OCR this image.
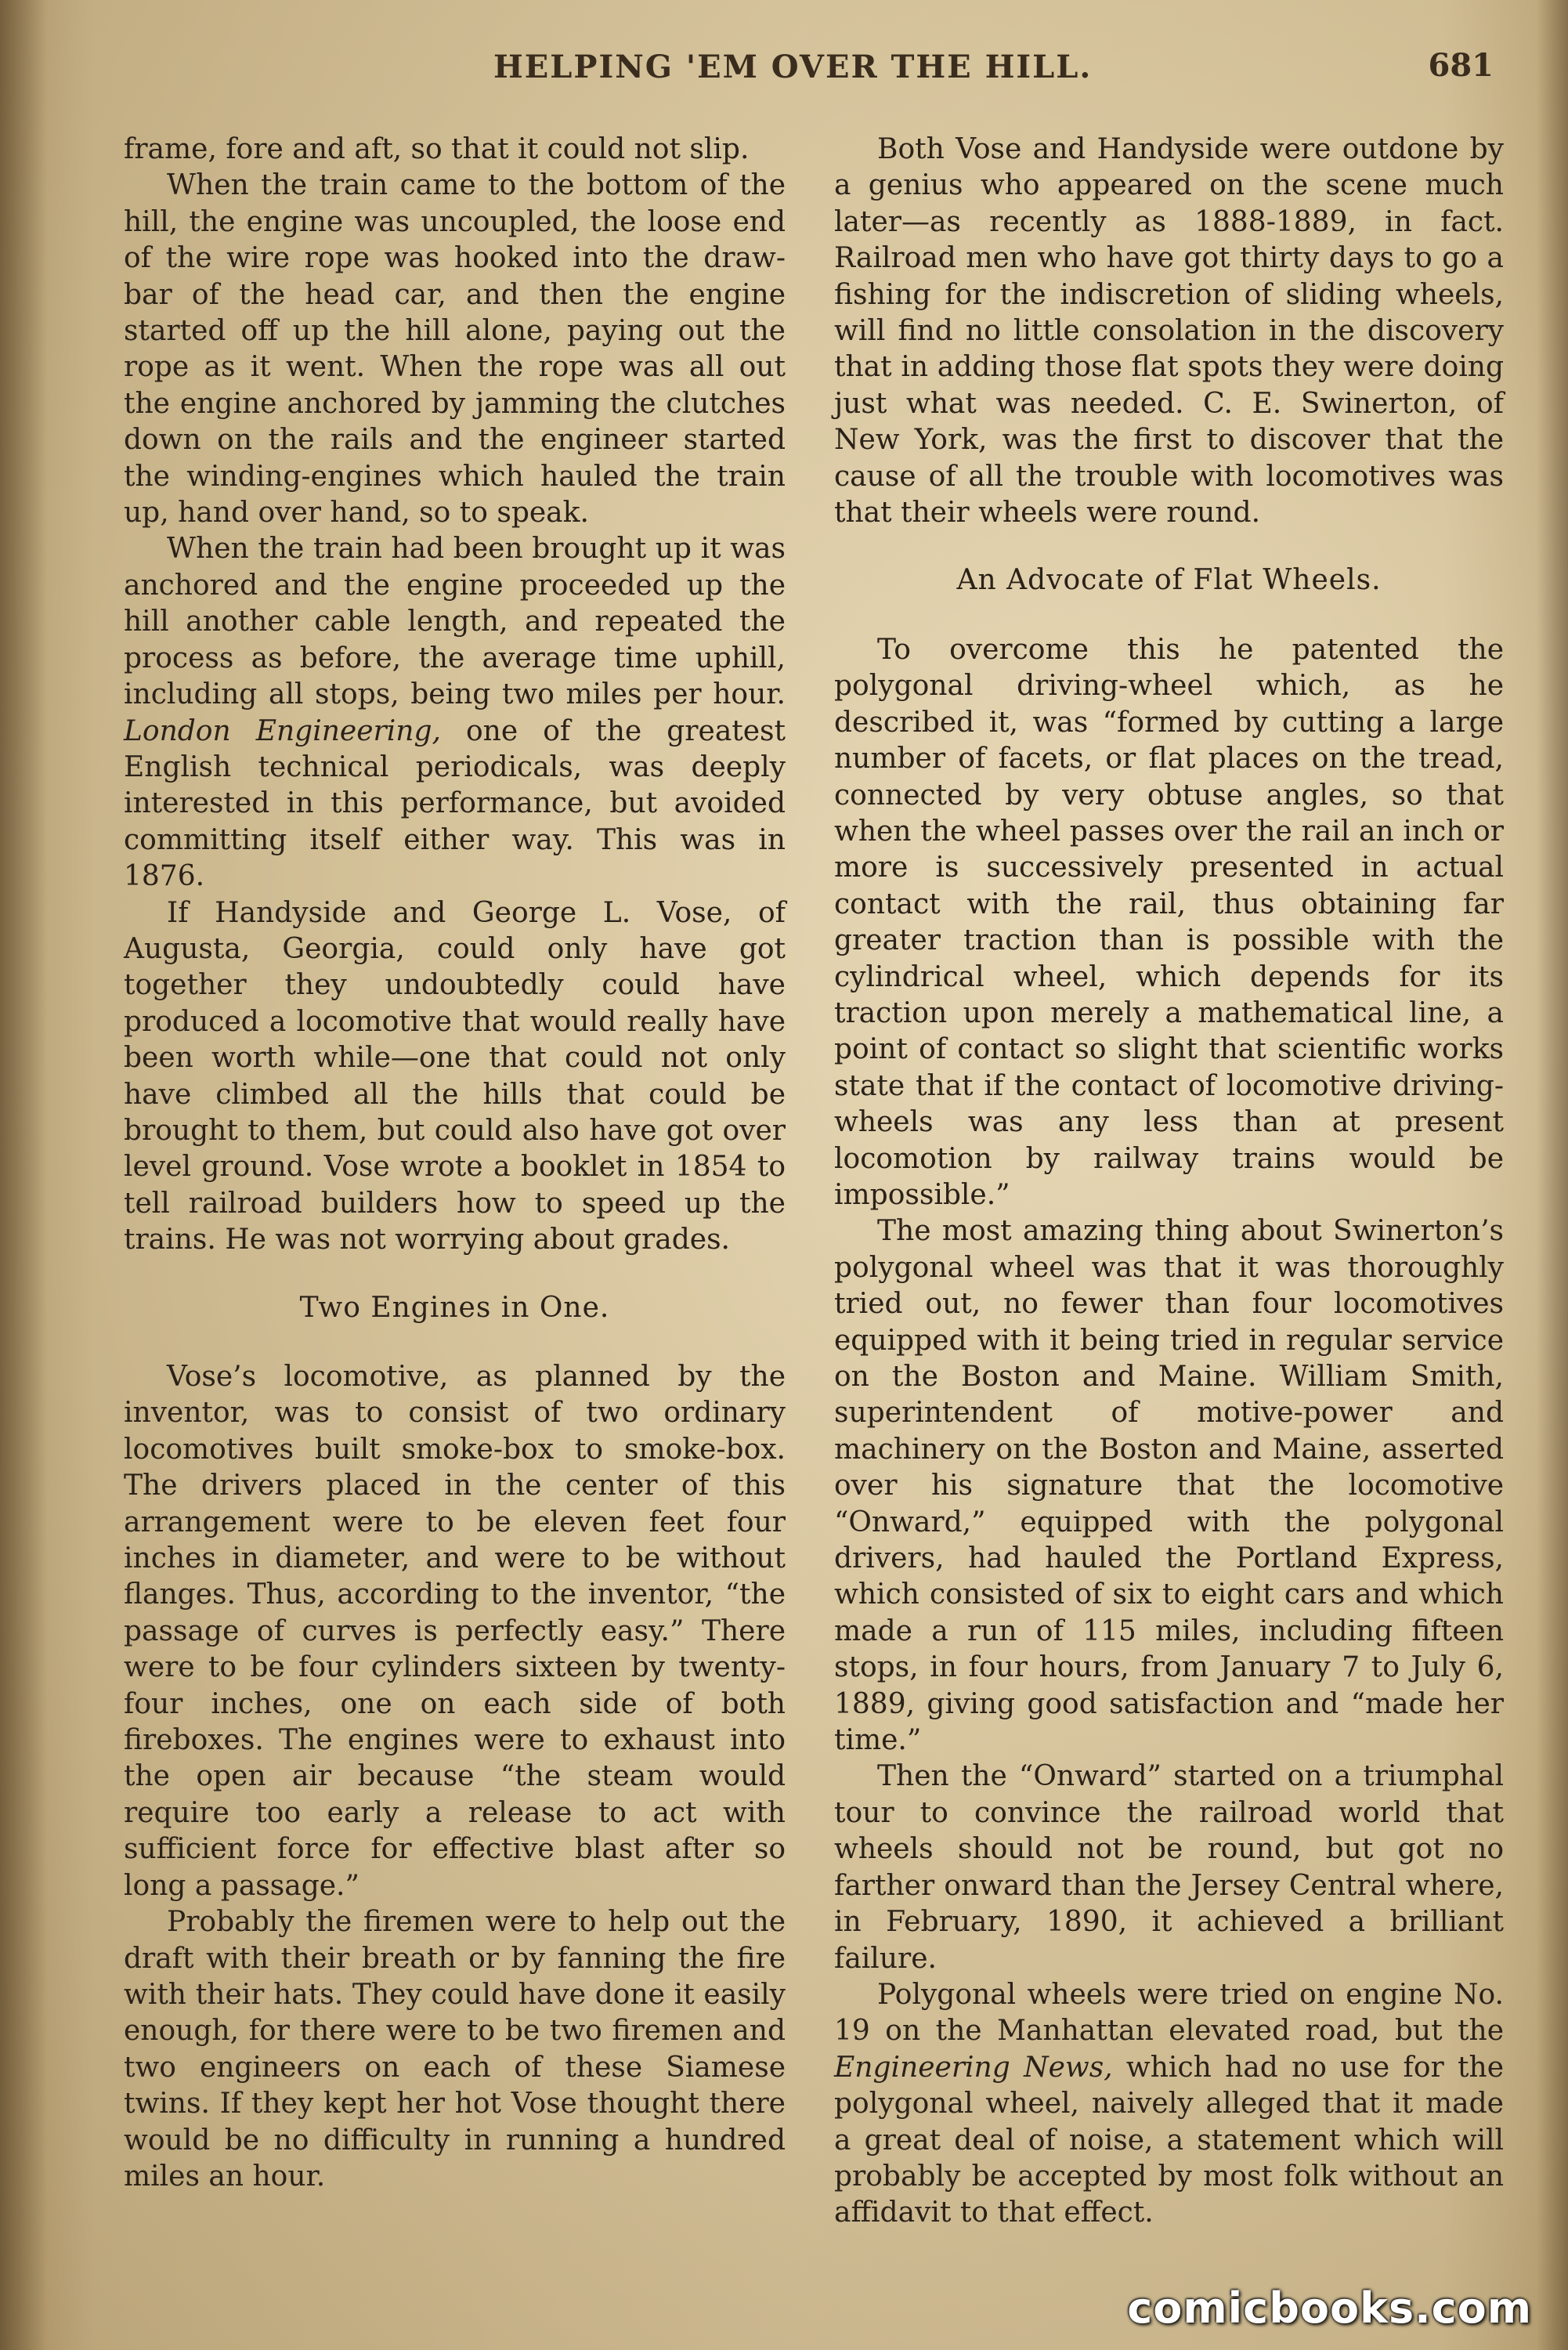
HELPING 'EM OVER THE HILL.	681

frame, fore and aft, so that it could not slip.

When the train came to the bottom of the hill, the engine was uncoupled, the loose end of the wire rope was hooked into the draw-bar of the head car, and then the engine started off up the hill alone, paying out the rope as it went. When the rope was all out the engine anchored by jamming the clutches down on the rails and the engineer started the winding-engines which hauled the train up, hand over hand, so to speak.

When the train had been brought up it was anchored and the engine proceeded up the hill another cable length, and repeated the process as before, the average time uphill, including all stops, being two miles per hour. London Engineering, one of the greatest English technical periodicals, was deeply interested in this performance, but avoided committing itself either way. This was in 1876.

If Handyside and George L. Vose, of Augusta, Georgia, could only have got together they undoubtedly could have produced a locomotive that would really have been worth while—one that could not only have climbed all the hills that could be brought to them, but could also have got over level ground. Vose wrote a booklet in 1854 to tell railroad builders how to speed up the trains. He was not worrying about grades.

Two Engines in One.

Vose’s locomotive, as planned by the inventor, was to consist of two ordinary locomotives built smoke-box to smoke-box. The drivers placed in the center of this arrangement were to be eleven feet four inches in diameter, and were to be without flanges. Thus, according to the inventor, “the passage of curves is perfectly easy.” There were to be four cylinders sixteen by twenty-four inches, one on each side of both fireboxes. The engines were to exhaust into the open air because “the steam would require too early a release to act with sufficient force for effective blast after so long a passage.”

Probably the firemen were to help out the draft with their breath or by fanning the fire with their hats. They could have done it easily enough, for there were to be two firemen and two engineers on each of these Siamese twins. If they kept her hot Vose thought there would be no difficulty in running a hundred miles an hour.

Both Vose and Handyside were outdone by a genius who appeared on the scene much later—as recently as 1888-1889, in fact. Railroad men who have got thirty days to go a fishing for the indiscretion of sliding wheels, will find no little consolation in the discovery that in adding those flat spots they were doing just what was needed. C. E. Swinerton, of New York, was the first to discover that the cause of all the trouble with locomotives was that their wheels were round.

An Advocate of Flat Wheels.

To overcome this he patented the polygonal driving-wheel which, as he described it, was “formed by cutting a large number of facets, or flat places on the tread, connected by very obtuse angles, so that when the wheel passes over the rail an inch or more is successively presented in actual contact with the rail, thus obtaining far greater traction than is possible with the cylindrical wheel, which depends for its traction upon merely a mathematical line, a point of contact so slight that scientific works state that if the contact of locomotive driving-wheels was any less than at present locomotion by railway trains would be impossible.”

The most amazing thing about Swinerton’s polygonal wheel was that it was thoroughly tried out, no fewer than four locomotives equipped with it being tried in regular service on the Boston and Maine. William Smith, superintendent of motive-power and machinery on the Boston and Maine, asserted over his signature that the locomotive “Onward,” equipped with the polygonal drivers, had hauled the Portland Express, which consisted of six to eight cars and which made a run of 115 miles, including fifteen stops, in four hours, from January 7 to July 6, 1889, giving good satisfaction and “made her time.”

Then the “Onward” started on a triumphal tour to convince the railroad world that wheels should not be round, but got no farther onward than the Jersey Central where, in February, 1890, it achieved a brilliant failure.

Polygonal wheels were tried on engine No. 19 on the Manhattan elevated road, but the Engineering News, which had no use for the polygonal wheel, naively alleged that it made a great deal of noise, a statement which will probably be accepted by most folk without an affidavit to that effect.

comicbooks.com
